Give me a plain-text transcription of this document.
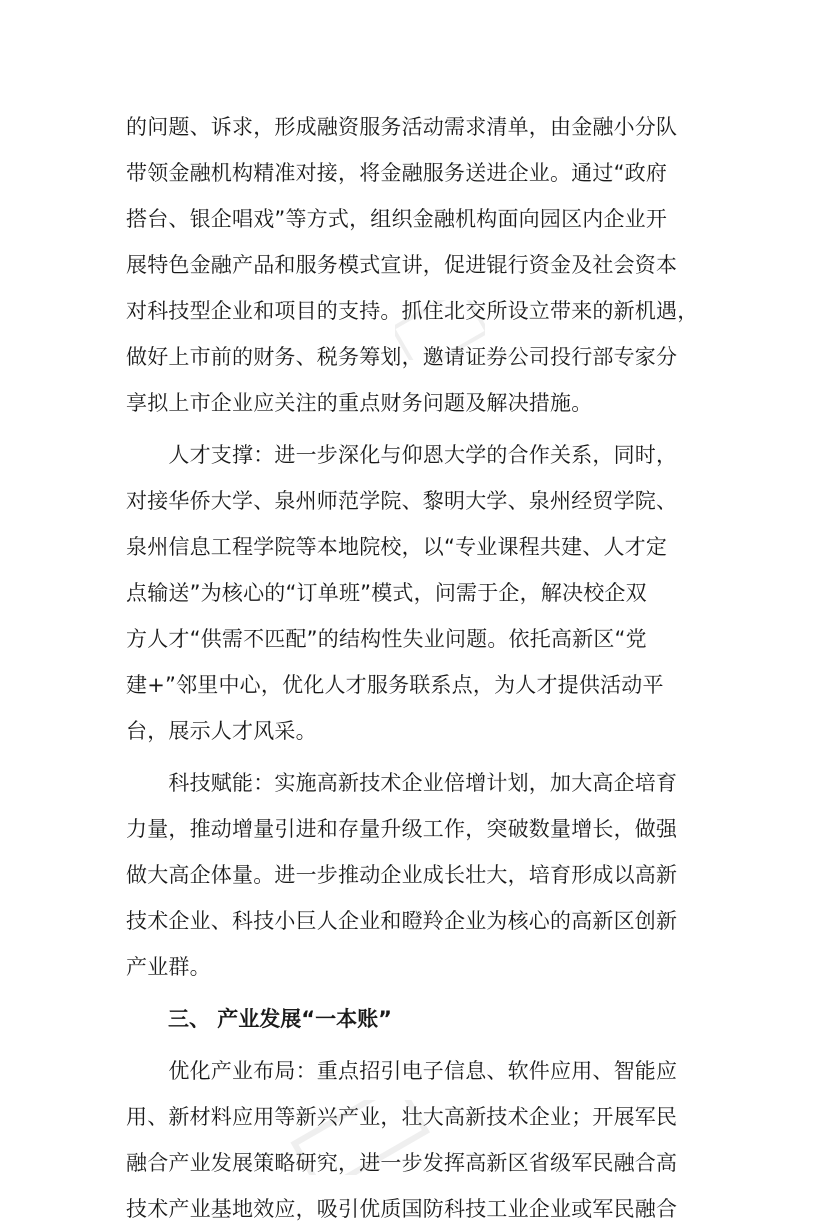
的问题、诉求，形成融资服务活动需求清单，由金融小分队
带领金融机构精准对接，将金融服务送进企业。通过“政府
搭台、银企唱戏”等方式，组织金融机构面向园区内企业开
展特色金融产品和服务模式宣讲，促进锟行资金及社会资本
对科技型企业和项目的支持。抓住北交所设立带来的新机遇，
做好上市前的财务、税务筹划，邀请证券公司投行部专家分
享拟上市企业应关注的重点财务问题及解决措施。

　　人才支撑：进一步深化与仰恩大学的合作关系，同时，
对接华侨大学、泉州师范学院、黎明大学、泉州经贸学院、
泉州信息工程学院等本地院校，以“专业课程共建、人才定
点输送”为核心的“订单班”模式，问需于企，解决校企双
方人才“供需不匹配”的结构性失业问题。依托高新区“党
建+”邻里中心，优化人才服务联系点，为人才提供活动平
台，展示人才风采。

　　科技赋能：实施高新技术企业倍增计划，加大高企培育
力量，推动增量引进和存量升级工作，突破数量增长，做强
做大高企体量。进一步推动企业成长壮大，培育形成以高新
技术企业、科技小巨人企业和瞪羚企业为核心的高新区创新
产业群。

　　三、 产业发展“一本账”

　　优化产业布局：重点招引电子信息、软件应用、智能应
用、新材料应用等新兴产业，壮大高新技术企业；开展军民
融合产业发展策略研究，进一步发挥高新区省级军民融合高
技术产业基地效应，吸引优质国防科技工业企业或军民融合
